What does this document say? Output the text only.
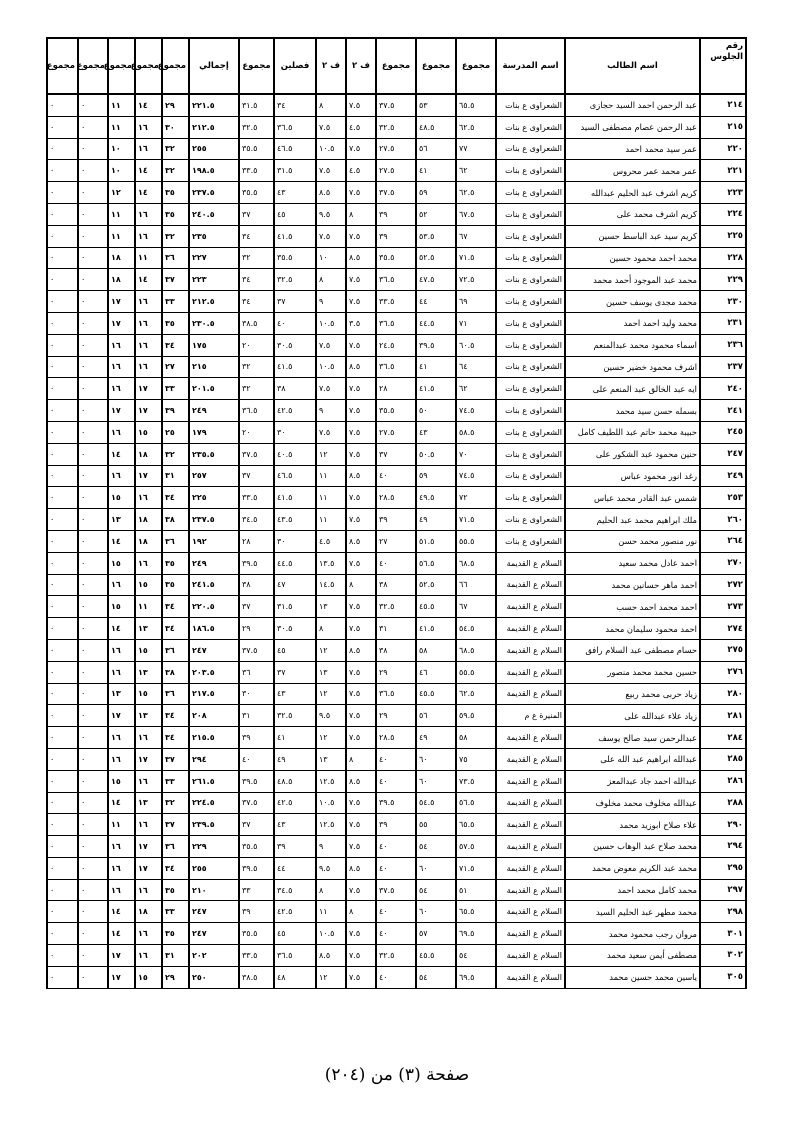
رقم الجلوس	اسم الطالب	اسم المدرسة	مجموع	مجموع	مجموع	ف ٢	ف ٢	فصلين	مجموع	إجمالي	مجموع	مجموع	مجموع	مجموع	مجموع
٢١٤	عبد الرحمن احمد السيد حجازى	الشعراوى ع بنات	٦٥.٥	٥٣	٣٧.٥	٧.٥	٨	٣٤	٣١.٥	٢٢١.٥	٢٩	١٤	١١	٠	٠
٢١٥	عبد الرحمن عصام مصطفى السيد	الشعراوى ع بنات	٦٢.٥	٤٨.٥	٣٢.٥	٤.٥	٧.٥	٣٦.٥	٣٢.٥	٢١٢.٥	٣٠	١٦	١١	٠	٠
٢٢٠	عمر سيد محمد احمد	الشعراوى ع بنات	٧٧	٥٦	٢٧.٥	٧.٥	١٠.٥	٤٦.٥	٣٥.٥	٢٥٥	٣٢	١٦	١٠	٠	٠
٢٢١	عمر محمد عمر محروس	الشعراوى ع بنات	٦٢	٤١	٢٧.٥	٤.٥	٧.٥	٣١.٥	٣٣.٥	١٩٨.٥	٣٢	١٤	١٠	٠	٠
٢٢٣	كريم اشرف عبد الحليم عبدالله	الشعراوى ع بنات	٦٢.٥	٥٩	٣٧.٥	٧.٥	٨.٥	٤٣	٣٥.٥	٢٣٧.٥	٣٥	١٤	١٢	٠	٠
٢٢٤	كريم اشرف محمد على	الشعراوى ع بنات	٦٧.٥	٥٢	٣٩	٨	٩.٥	٤٥	٣٧	٢٤٠.٥	٣٥	١٦	١١	٠	٠
٢٢٥	كريم سيد عبد الباسط حسين	الشعراوى ع بنات	٦٧	٥٣.٥	٣٩	٧.٥	٧.٥	٤١.٥	٣٤	٢٣٥	٣٢	١٦	١١	٠	٠
٢٢٨	محمد احمد محمود حسين	الشعراوى ع بنات	٧١.٥	٥٢.٥	٣٥.٥	٨.٥	١٠	٣٥.٥	٣٢	٢٢٧	٣٦	١١	١٨	٠	٠
٢٢٩	محمد عبد الموجود أحمد محمد	الشعراوى ع بنات	٧٢.٥	٤٧.٥	٣٦.٥	٧.٥	٨	٣٢.٥	٣٤	٢٢٣	٣٧	١٤	١٨	٠	٠
٢٣٠	محمد مجدى يوسف حسين	الشعراوى ع بنات	٦٩	٤٤	٣٣.٥	٧.٥	٩	٣٧	٣٤	٢١٢.٥	٣٣	١٦	١٧	٠	٠
٢٣١	محمد وليد احمد احمد	الشعراوى ع بنات	٧١	٤٤.٥	٣٦.٥	٣.٥	١٠.٥	٤٠	٣٨.٥	٢٣٠.٥	٣٥	١٦	١٧	٠	٠
٢٣٦	اسماء محمود محمد عبدالمنعم	الشعراوى ع بنات	٦٠.٥	٣٩.٥	٢٤.٥	٧.٥	٧.٥	٣٠.٥	٢٠	١٧٥	٣٤	١٦	١٦	٠	٠
٢٣٧	اشرف محمود خضير حسين	الشعراوى ع بنات	٦٤	٤١	٣٦.٥	٨.٥	١٠.٥	٤١.٥	٣٢	٢١٥	٢٧	١٦	١٦	٠	٠
٢٤٠	ايه عبد الخالق عبد المنعم على	الشعراوى ع بنات	٦٢	٤١.٥	٢٨	٧.٥	٧.٥	٣٨	٣٢	٢٠١.٥	٣٣	١٧	١٦	٠	٠
٢٤١	بسمله حسن سيد محمد	الشعراوى ع بنات	٧٤.٥	٥٠	٣٥.٥	٧.٥	٩	٤٢.٥	٣٦.٥	٢٤٩	٣٩	١٧	١٧	٠	٠
٢٤٥	حبيبة محمد حاتم عبد اللطيف كامل	الشعراوى ع بنات	٥٨.٥	٤٣	٢٧.٥	٧.٥	٧.٥	٣٠	٢٠	١٧٩	٢٥	١٥	١٦	٠	٠
٢٤٧	حنين محمود عبد الشكور على	الشعراوى ع بنات	٧٠	٥٠.٥	٣٧	٧.٥	١٢	٤٠.٥	٣٧.٥	٢٣٥.٥	٣٢	١٨	١٤	٠	٠
٢٤٩	رغد انور محمود عباس	الشعراوى ع بنات	٧٤.٥	٥٩	٤٠	٨.٥	١١	٤٦.٥	٣٧	٢٥٧	٣١	١٧	١٦	٠	٠
٢٥٣	شمس عبد القادر محمد عباس	الشعراوى ع بنات	٧٢	٤٩.٥	٢٨.٥	٧.٥	١١	٤١.٥	٣٣.٥	٢٢٥	٣٤	١٦	١٥	٠	٠
٢٦٠	ملك ابراهيم محمد عبد الحليم	الشعراوى ع بنات	٧١.٥	٤٩	٣٩	٧.٥	١١	٤٣.٥	٣٤.٥	٢٣٧.٥	٣٨	١٨	١٣	٠	٠
٢٦٤	نور منصور محمد حسن	الشعراوى ع بنات	٥٥.٥	٥١.٥	٢٧	٨.٥	٤.٥	٣٠	٢٨	١٩٢	٣٦	١٨	١٤	٠	٠
٢٧٠	احمد عادل محمد سعيد	السلام ع القديمة	٦٨.٥	٥٦.٥	٤٠	٧.٥	١٣.٥	٤٤.٥	٣٩.٥	٢٤٩	٣٥	١٦	١٥	٠	٠
٢٧٢	احمد ماهر حسانين محمد	السلام ع القديمة	٦٦	٥٢.٥	٣٨	٨	١٤.٥	٤٧	٣٨	٢٤١.٥	٣٥	١٥	١٦	٠	٠
٢٧٣	احمد محمد احمد حسب	السلام ع القديمة	٦٧	٤٥.٥	٣٢.٥	٧.٥	١٣	٣١.٥	٣٧	٢٢٠.٥	٣٤	١١	١٥	٠	٠
٢٧٤	احمد محمود سليمان محمد	السلام ع القديمة	٥٤.٥	٤١.٥	٣١	٧.٥	٨	٣٠.٥	٢٩	١٨٦.٥	٣٤	١٣	١٤	٠	٠
٢٧٥	حسام مصطفى عبد السلام رافق	السلام ع القديمة	٦٨.٥	٥٨	٣٨	٨.٥	١٢	٤٥	٣٧.٥	٢٤٧	٣٦	١٥	١٦	٠	٠
٢٧٦	حسين محمد محمد منصور	السلام ع القديمة	٥٥.٥	٤٦	٢٩	٧.٥	١٣	٣٧	٣٦	٢٠٣.٥	٣٨	١٣	١٦	٠	٠
٢٨٠	زياد حربى محمد ربيع	السلام ع القديمة	٦٢.٥	٤٥.٥	٣٦.٥	٧.٥	١٢	٤٣	٣٠	٢١٧.٥	٣٦	١٥	١٣	٠	٠
٢٨١	زياد علاء عبدالله على	المنيرة ع م	٥٩.٥	٥٦	٢٩	٧.٥	٩.٥	٣٢.٥	٣١	٢٠٨	٣٤	١٣	١٧	٠	٠
٢٨٤	عبدالرحمن سيد صالح يوسف	السلام ع القديمة	٥٨	٤٩	٢٨.٥	٧.٥	١٢	٤١	٣٩	٢١٥.٥	٣٤	١٦	١٦	٠	٠
٢٨٥	عبدالله ابراهيم عبد الله على	السلام ع القديمة	٧٥	٦٠	٤٠	٨	١٣	٤٩	٤٠	٢٩٤	٣٧	١٧	١٦	٠	٠
٢٨٦	عبدالله احمد جاد عبدالمعز	السلام ع القديمة	٧٣.٥	٦٠	٤٠	٨.٥	١٢.٥	٤٨.٥	٣٩.٥	٢٦١.٥	٣٣	١٦	١٥	٠	٠
٢٨٨	عبدالله مخلوف محمد مخلوف	السلام ع القديمة	٥٦.٥	٥٤.٥	٣٩.٥	٧.٥	١٠.٥	٤٢.٥	٣٧.٥	٢٢٤.٥	٣٢	١٣	١٤	٠	٠
٢٩٠	علاء صلاح ابوزيد محمد	السلام ع القديمة	٦٥.٥	٥٥	٣٩	٧.٥	١٢.٥	٤٣	٣٧	٢٣٩.٥	٣٧	١٦	١١	٠	٠
٢٩٤	محمد صلاح عبد الوهاب حسين	السلام ع القديمة	٥٧.٥	٥٤	٤٠	٧.٥	٩	٣٩	٣٥.٥	٢٢٩	٣٦	١٧	١٦	٠	٠
٢٩٥	محمد عبد الكريم معوض محمد	السلام ع القديمة	٧١.٥	٦٠	٤٠	٨.٥	٩.٥	٤٤	٣٩.٥	٢٥٥	٣٤	١٧	١٦	٠	٠
٢٩٧	محمد كامل محمد احمد	السلام ع القديمة	٥١	٥٤	٣٧.٥	٧.٥	٨	٣٤.٥	٣٣	٢١٠	٣٥	١٦	١٦	٠	٠
٢٩٨	محمد مطهر عبد الحليم السيد	السلام ع القديمة	٦٥.٥	٦٠	٤٠	٨	١١	٤٢.٥	٣٩	٢٤٧	٣٣	١٨	١٤	٠	٠
٣٠١	مروان رجب محمود محمد	السلام ع القديمة	٦٩.٥	٥٧	٤٠	٧.٥	١٠.٥	٤٥	٣٥.٥	٢٤٧	٣٥	١٦	١٤	٠	٠
٣٠٢	مصطفى أيمن سعيد محمد	السلام ع القديمة	٥٤	٤٥.٥	٣٢.٥	٧.٥	٨.٥	٣٦.٥	٣٣.٥	٢٠٢	٣١	١٦	١٧	٠	٠
٣٠٥	ياسين محمد حسين محمد	السلام ع القديمة	٦٩.٥	٥٤	٤٠	٧.٥	١٢	٤٨	٣٨.٥	٢٥٠	٢٩	١٥	١٧	٠	٠
صفحة (٣) من (٢٠٤)
